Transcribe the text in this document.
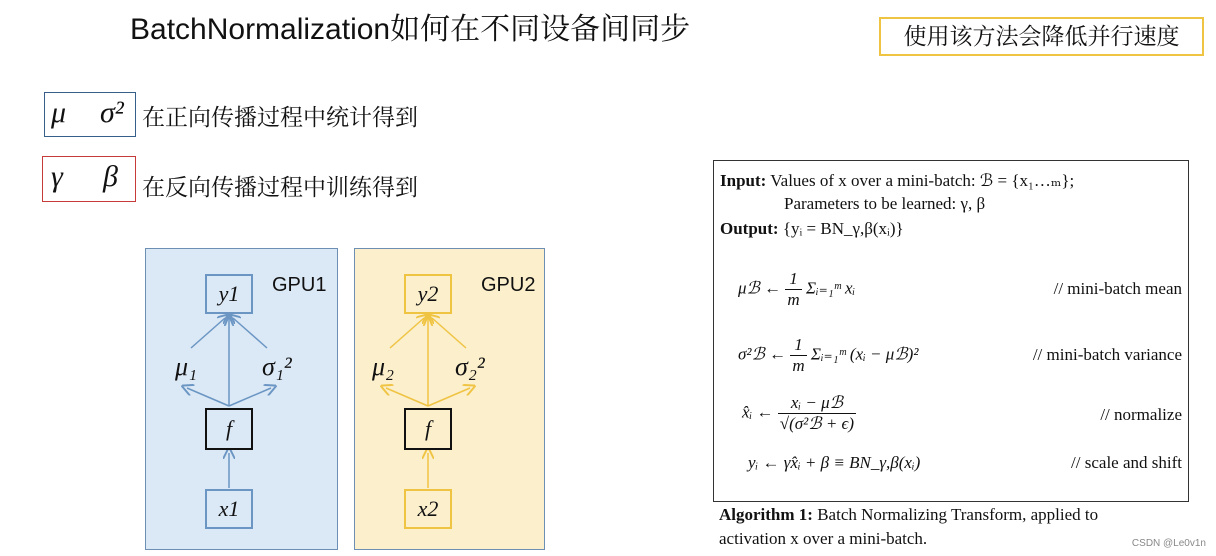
BatchNormalization如何在不同设备间同步	使用该方法会降低并行速度
μ σ² 在正向传播过程中统计得到
γ β 在反向传播过程中训练得到
GPU1
y1
μ₁ σ₁²
f
x1
GPU2
y2
μ₂ σ₂²
f
x2
Input: Values of x over a mini-batch: ℬ = {x₁…ₘ};
Parameters to be learned: γ, β
Output: {yᵢ = BN_γ,β(xᵢ)}
μℬ ← $\frac{1}{m}$ Σᵢ₌₁ᵐ xᵢ	// mini-batch mean
σ²ℬ ← $\frac{1}{m}$ Σᵢ₌₁ᵐ (xᵢ − μℬ)²	// mini-batch variance
x̂ᵢ ← $\frac{\text{xᵢ − μℬ}}{\text{√(σ²ℬ + ϵ)}}$	// normalize
yᵢ ← γx̂ᵢ + β ≡ BN_γ,β(xᵢ)	// scale and shift
Algorithm 1: Batch Normalizing Transform, applied to
activation x over a mini-batch.	CSDN @Le0v1n
